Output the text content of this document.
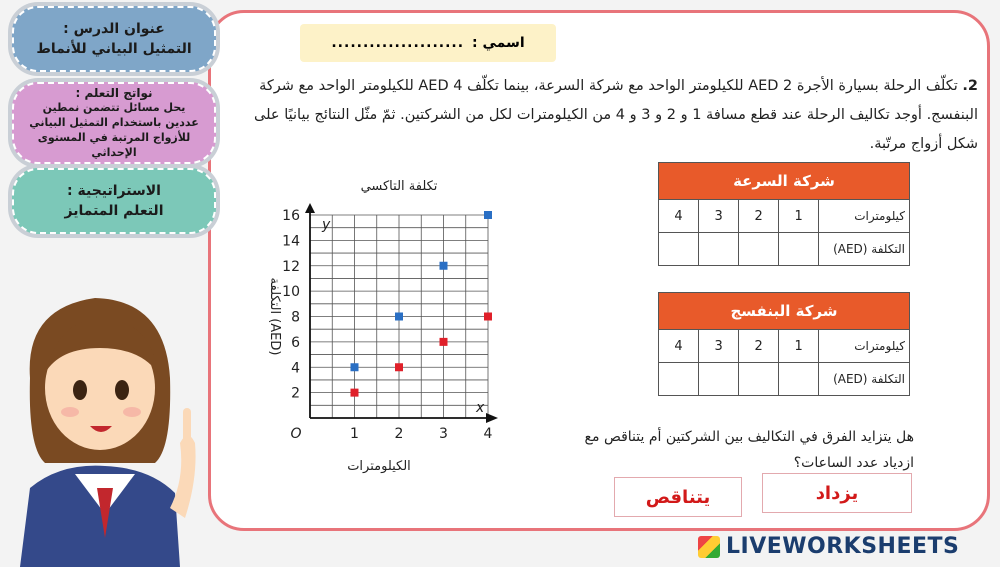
عنوان الدرس :
التمثيل البياني للأنماط
نواتج التعلم :
يحل مسائل تتضمن نمطين عددين باستخدام التمثيل البياني للأزواج المرتبة في المستوى الإحداثي
الاستراتيجية :
التعلم المتمايز
اسمي :
.....................
2. تكلّف الرحلة بسيارة الأجرة AED 2 للكيلومتر الواحد مع شركة السرعة، بينما تكلّف AED 4 للكيلومتر الواحد مع شركة البنفسج. أوجد تكاليف الرحلة عند قطع مسافة 1 و 2 و 3 و 4 من الكيلومترات لكل من الشركتين. ثمّ مثّل النتائج بيانيًا على شكل أزواج مرتّبة.
تكلفة التاكسي
1	2	3	4
2
4
6
8
10
12
14
16
O
y
x
الكيلومترات
التكلفة (AED)
شركة السرعة				
كيلومترات	1	2	3	4
التكلفة (AED)				
شركة البنفسج				
كيلومترات	1	2	3	4
التكلفة (AED)				
هل يتزايد الفرق في التكاليف بين الشركتين أم يتناقص مع ازدياد عدد الساعات؟
يزداد
يتناقص
LIVEWORKSHEETS
